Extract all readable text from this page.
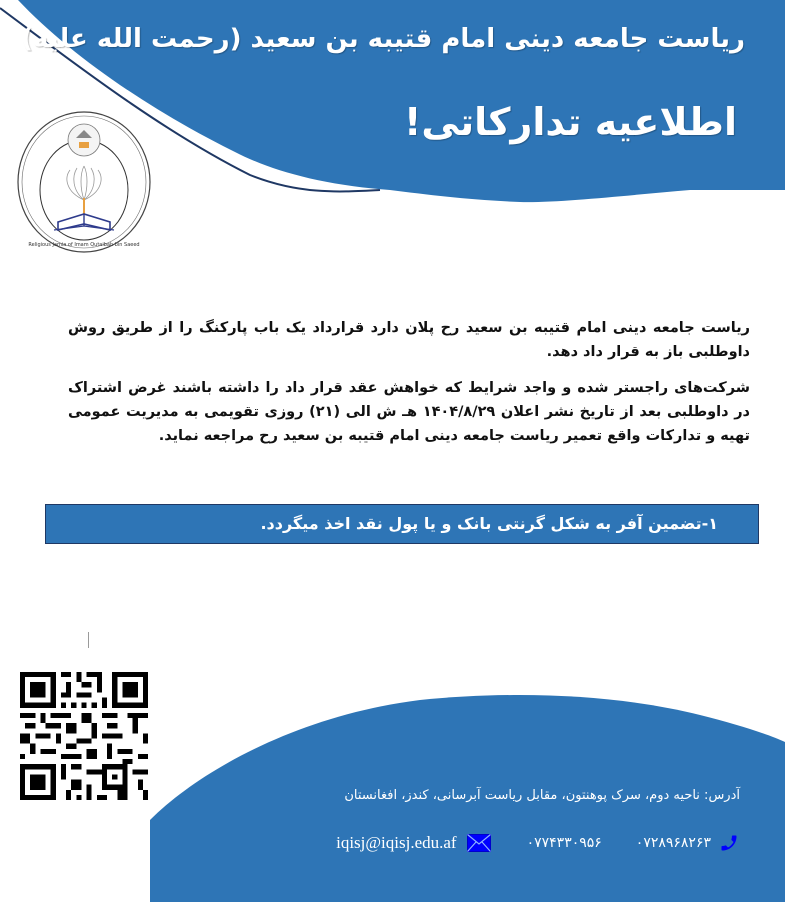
ریاست جامعه دینی امام قتیبه بن سعید (رحمت الله علیه)
اطلاعیه تدارکاتی!
Religious Jamia of Imam Qutaibah bin Saeed
ریاست جامعه دینی امام قتیبه بن سعید رح پلان دارد قرارداد یک باب پارکنگ را از طریق روش داوطلبی باز به قرار داد دهد.
شرکت‌های راجستر شده و واجد شرایط که خواهش عقد قرار داد را داشته باشند غرض اشتراک در داوطلبی بعد از تاریخ نشر اعلان ۱۴۰۴/۸/۲۹ هـ ش الی (۲۱) روزی تقویمی به مدیریت عمومی تهیه و تدارکات واقع تعمیر ریاست جامعه دینی امام قتیبه بن سعید رح مراجعه نماید.
۱-تضمین آفر به شکل گرنتی بانک و یا پول نقد اخذ میگردد.
آدرس: ناحیه دوم، سرک پوهنتون، مقابل ریاست آبرسانی، کندز، افغانستان
۰۷۲۸۹۶۸۲۶۳
۰۷۷۴۳۳۰۹۵۶
iqisj@iqisj.edu.af
